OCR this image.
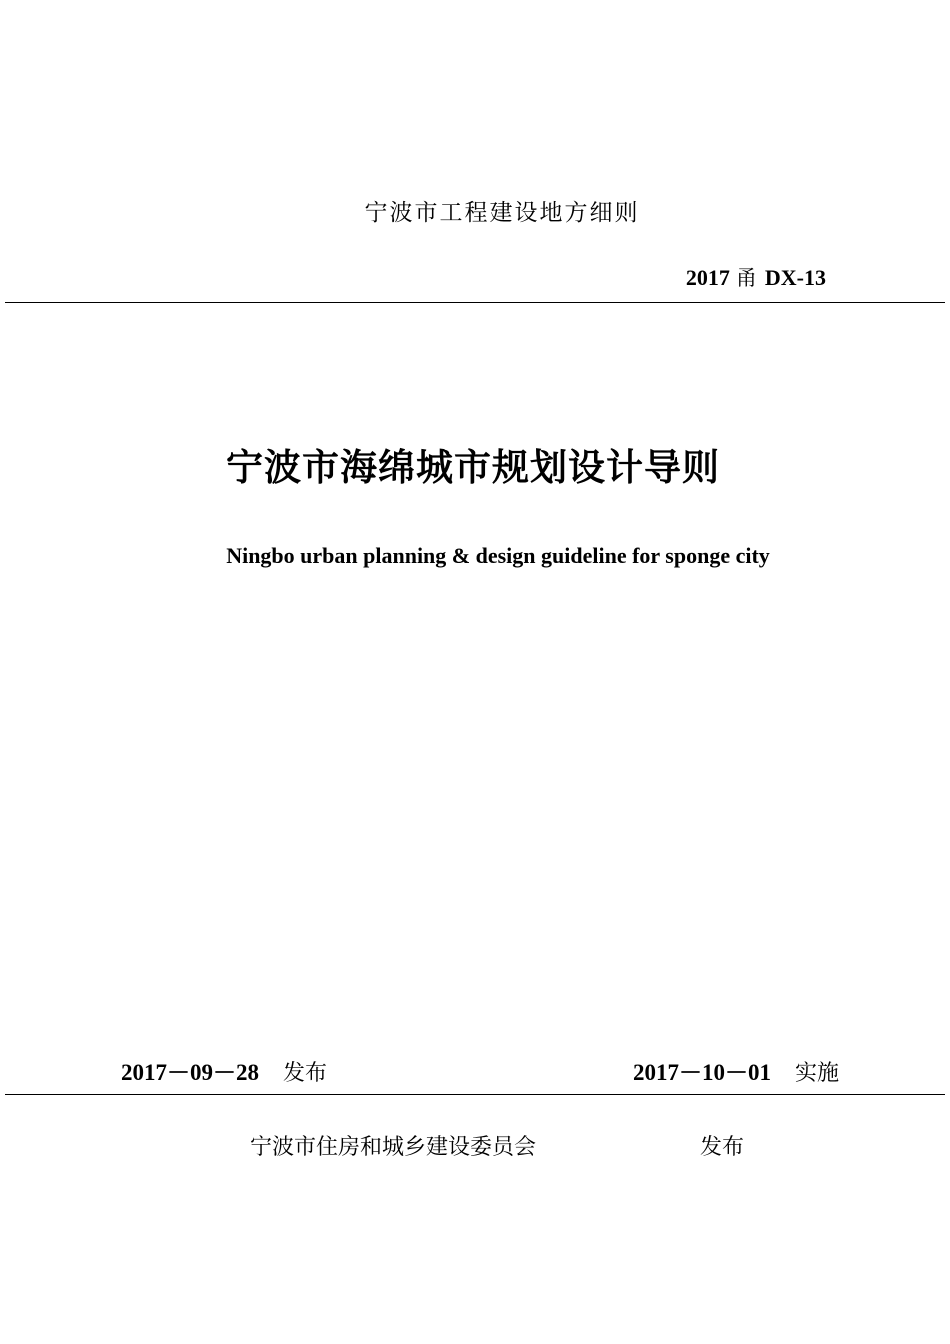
宁波市工程建设地方细则
2017 甬 DX-13
宁波市海绵城市规划设计导则
Ningbo urban planning & design guideline for sponge city
2017－09－28 发布	2017－10－01 实施
宁波市住房和城乡建设委员会	发布
